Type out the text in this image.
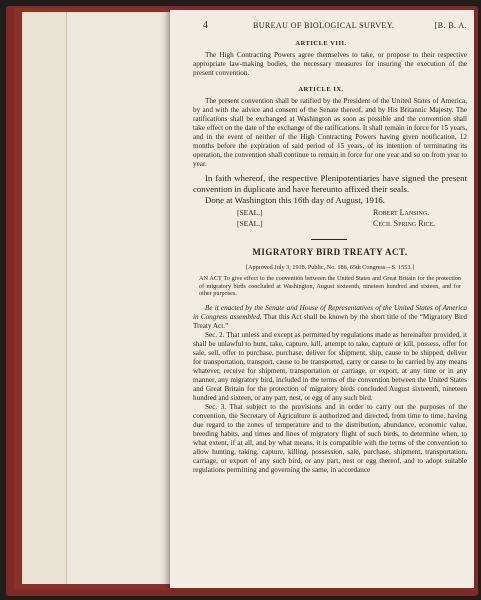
4	BUREAU OF BIOLOGICAL SURVEY.	[B. B. A.
ARTICLE VIII.

The High Contracting Powers agree themselves to take, or propose to their respective appropriate law-making bodies, the necessary measures for insuring the execution of the present convention.

ARTICLE IX.

The present convention shall be ratified by the President of the United States of America, by and with the advice and consent of the Senate thereof, and by His Britannic Majesty. The ratifications shall be exchanged at Washington as soon as possible and the convention shall take effect on the date of the exchange of the ratifications. It shall remain in force for 15 years, and in the event of neither of the High Contracting Powers having given notification, 12 months before the expiration of said period of 15 years, of its intention of terminating its operation, the convention shall continue to remain in force for one year and so on from year to year.

In faith whereof, the respective Plenipotentiaries have signed the present convention in duplicate and have hereunto affixed their seals.

Done at Washington this 16th day of August, 1916.

[SEAL.]	Robert Lansing.
[SEAL.]	Cecil Spring Rice.
MIGRATORY BIRD TREATY ACT.
[Approved July 3, 1918. Public, No. 186, 65th Congress—S. 1553.]

AN ACT To give effect to the convention between the United States and Great Britain for the protection of migratory birds concluded at Washington, August sixteenth, nineteen hundred and sixteen, and for other purposes.

Be it enacted by the Senate and House of Representatives of the United States of America in Congress assembled, That this Act shall be known by the short title of the “Migratory Bird Treaty Act.”

Sec. 2. That unless and except as permitted by regulations made as hereinafter provided, it shall be unlawful to hunt, take, capture, kill, attempt to take, capture or kill, possess, offer for sale, sell, offer to purchase, purchase, deliver for shipment, ship, cause to be shipped, deliver for transportation, transport, cause to be transported, carry or cause to be carried by any means whatever, receive for shipment, transportation or carriage, or export, at any time or in any manner, any migratory bird, included in the terms of the convention between the United States and Great Britain for the protection of migratory birds concluded August sixteenth, nineteen hundred and sixteen, or any part, nest, or egg of any such bird.

Sec. 3. That subject to the provisions and in order to carry out the purposes of the convention, the Secretary of Agriculture is authorized and directed, from time to time, having due regard to the zones of temperature and to the distribution, abundance, economic value, breeding habits, and times and lines of migratory flight of such birds, to determine when, to what extent, if at all, and by what means, it is compatible with the terms of the convention to allow hunting, taking, capture, killing, possession, sale, purchase, shipment, transportation, carriage, or export of any such bird, or any part, nest or egg thereof, and to adopt suitable regulations permitting and governing the same, in accordance
